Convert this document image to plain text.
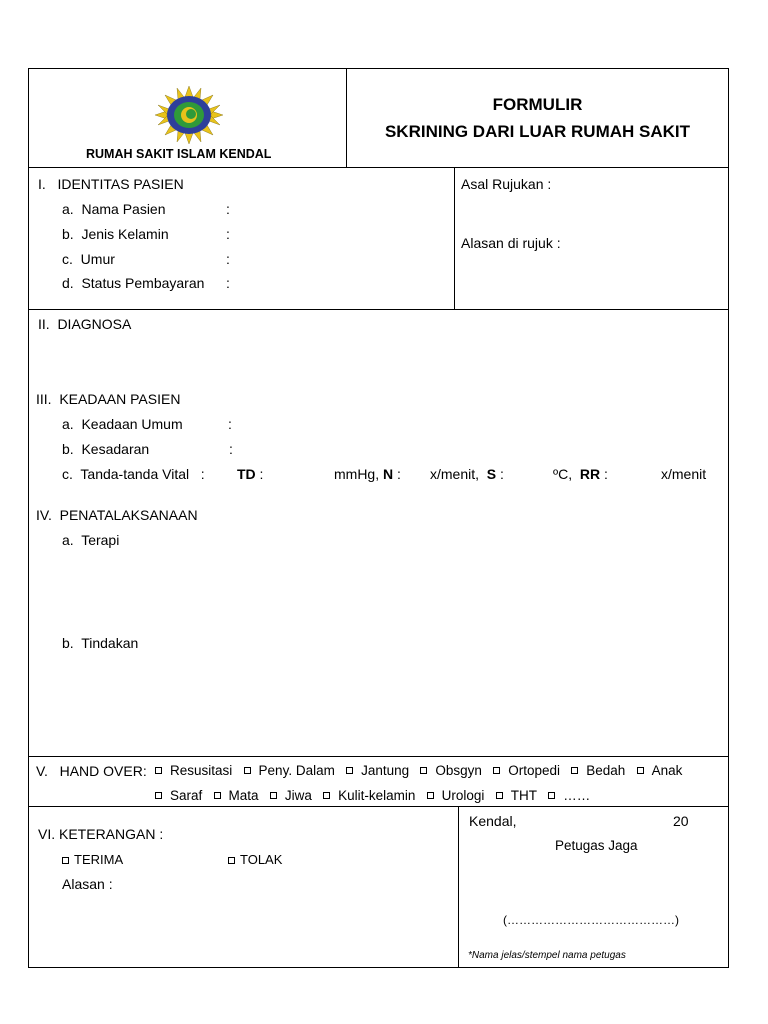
RUMAH SAKIT ISLAM KENDAL
FORMULIR
SKRINING DARI LUAR RUMAH SAKIT
I.   IDENTITAS PASIEN
a.  Nama Pasien	:
b.  Jenis Kelamin	:
c.  Umur	:
d.  Status Pembayaran :
Asal Rujukan :
Alasan di rujuk :
II.  DIAGNOSA
III.  KEADAAN PASIEN
a.  Keadaan Umum	:
b.  Kesadaran	:
c.  Tanda-tanda Vital   : TD :	mmHg, N : x/menit, S :	ºC, RR :	x/menit
IV.  PENATALAKSANAAN
a.  Terapi
b.  Tindakan
V.   HAND OVER:	Resusitasi Peny. Dalam Jantung Obsgyn Ortopedi Bedah Anak
Saraf Mata Jiwa Kulit-kelamin Urologi THT ……
VI. KETERANGAN :
TERIMA	TOLAK
Alasan :
Kendal,	20
Petugas Jaga
(……………………………………)
*Nama jelas/stempel nama petugas
